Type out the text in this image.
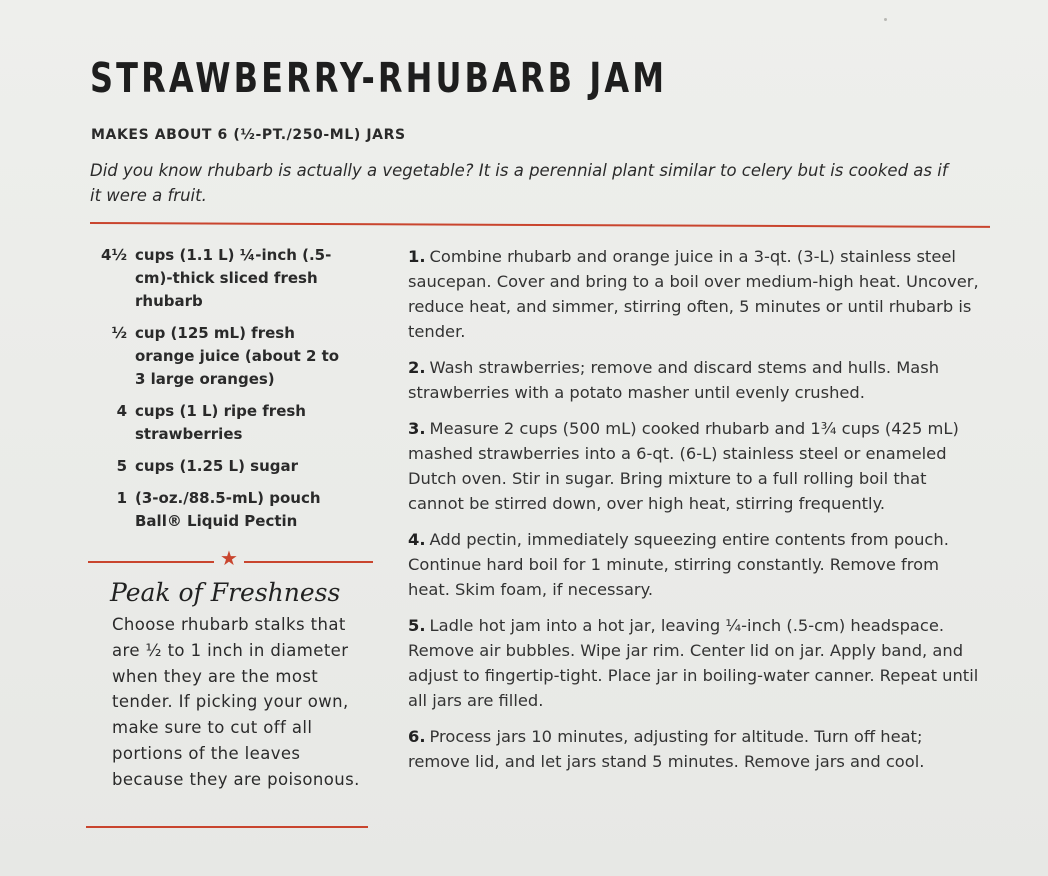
STRAWBERRY-RHUBARB JAM
MAKES ABOUT 6 (½-PT./250-ML) JARS
Did you know rhubarb is actually a vegetable? It is a perennial plant similar to celery but is cooked as if it were a fruit.
4½ cups (1.1 L) ¼-inch (.5-cm)-thick sliced fresh rhubarb
½ cup (125 mL) fresh orange juice (about 2 to 3 large oranges)
4 cups (1 L) ripe fresh strawberries
5 cups (1.25 L) sugar
1 (3-oz./88.5-mL) pouch Ball® Liquid Pectin
★
Peak of Freshness
Choose rhubarb stalks that are ½ to 1 inch in diameter when they are the most tender. If picking your own, make sure to cut off all portions of the leaves because they are poisonous.
1. Combine rhubarb and orange juice in a 3-qt. (3-L) stainless steel saucepan. Cover and bring to a boil over medium-high heat. Uncover, reduce heat, and simmer, stirring often, 5 minutes or until rhubarb is tender.
2. Wash strawberries; remove and discard stems and hulls. Mash strawberries with a potato masher until evenly crushed.
3. Measure 2 cups (500 mL) cooked rhubarb and 1¾ cups (425 mL) mashed strawberries into a 6-qt. (6-L) stainless steel or enameled Dutch oven. Stir in sugar. Bring mixture to a full rolling boil that cannot be stirred down, over high heat, stirring frequently.
4. Add pectin, immediately squeezing entire contents from pouch. Continue hard boil for 1 minute, stirring constantly. Remove from heat. Skim foam, if necessary.
5. Ladle hot jam into a hot jar, leaving ¼-inch (.5-cm) headspace. Remove air bubbles. Wipe jar rim. Center lid on jar. Apply band, and adjust to fingertip-tight. Place jar in boiling-water canner. Repeat until all jars are filled.
6. Process jars 10 minutes, adjusting for altitude. Turn off heat; remove lid, and let jars stand 5 minutes. Remove jars and cool.
